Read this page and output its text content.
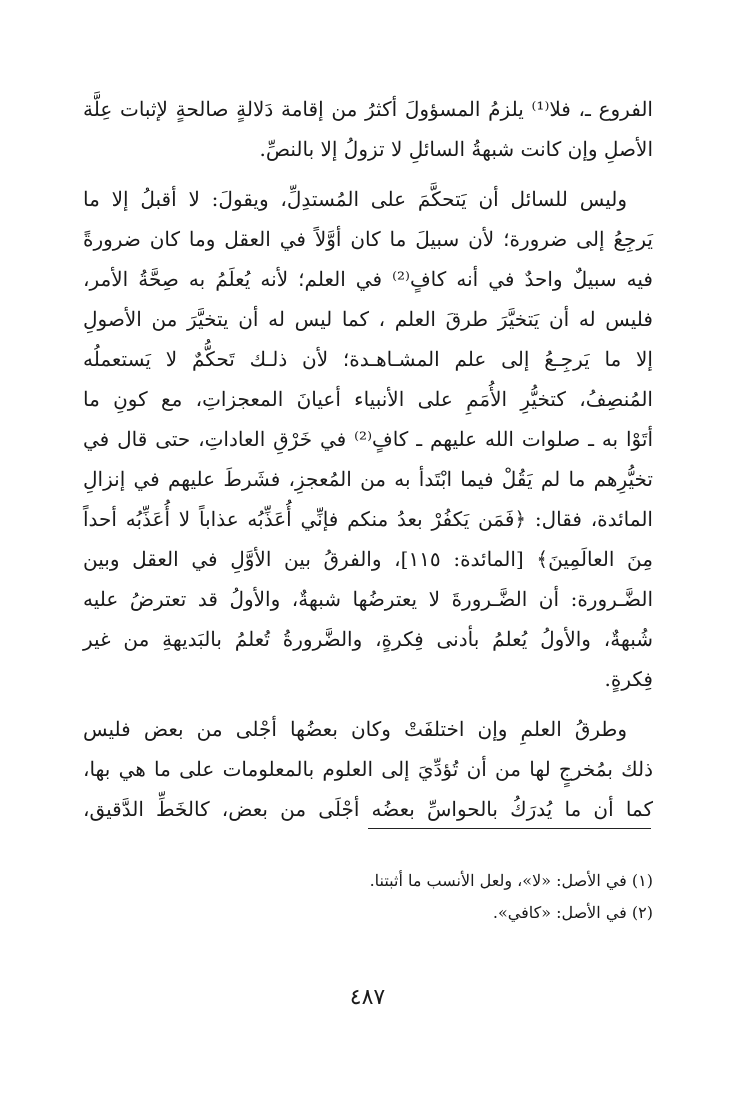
الفروع ـ، فلا⁽¹⁾ يلزمُ المسؤولَ أكثرُ من إقامة دَلالةٍ صالحةٍ لإثبات عِلَّة
الأصلِ وإن كانت شبهةُ السائلِ لا تزولُ إلا بالنصِّ.
وليس للسائل أن يَتحكَّمَ على المُستدِلِّ، ويقولَ: لا أقبلُ إلا ما
يَرجِعُ إلى ضرورة؛ لأن سبيلَ ما كان أوَّلاً في العقل وما كان ضرورةً
فيه سبيلٌ واحدٌ في أنه كافٍ⁽²⁾ في العلم؛ لأنه يُعلَمُ به صِحَّةُ الأمر،
فليس له أن يَتخيَّرَ طرقَ العلم ، كما ليس له أن يتخيَّرَ من الأصولِ
إلا ما يَرجِـعُ إلى علم المشـاهـدة؛ لأن ذلـك تَحكُّمٌ لا يَستعملُه
المُنصِفُ، كتخيُّرِ الأُمَمِ على الأنبياء أعيانَ المعجزاتِ، مع كونِ ما
أتَوْا به ـ صلوات الله عليهم ـ كافٍ⁽²⁾ في خَرْقِ العاداتِ، حتى قال في
تخيُّرِهم ما لم يَقُلْ فيما ابْتَدأ به من المُعجزِ، فشَرطَ عليهم في إنزالِ
المائدة، فقال: ﴿فَمَن يَكفُرْ بعدُ منكم فإنِّي أُعَذِّبُه عذاباً لا أُعَذِّبُه أحداً
مِنَ العالَمِينَ﴾ [المائدة: ١١٥]، والفرقُ بين الأوَّلِ في العقل وبين
الضَّـرورة: أن الضَّـرورةَ لا يعترضُها شبهةٌ، والأولُ قد تعترضُ عليه
شُبهةٌ، والأولُ يُعلمُ بأدنى فِكرةٍ، والضَّرورةُ تُعلمُ بالبَديهةِ من غير
فِكرةٍ.
وطرقُ العلمِ وإن اختلفَتْ وكان بعضُها أجْلى من بعض فليس
ذلك بمُخرجٍ لها من أن تُؤدِّيَ إلى العلوم بالمعلومات على ما هي بها،
كما أن ما يُدرَكُ بالحواسِّ بعضُه أجْلَى من بعض، كالخَطِّ الدَّقيق،
(١) في الأصل: «لا»، ولعل الأنسب ما أثبتنا.
(٢) في الأصل: «كافي».
٤٨٧
